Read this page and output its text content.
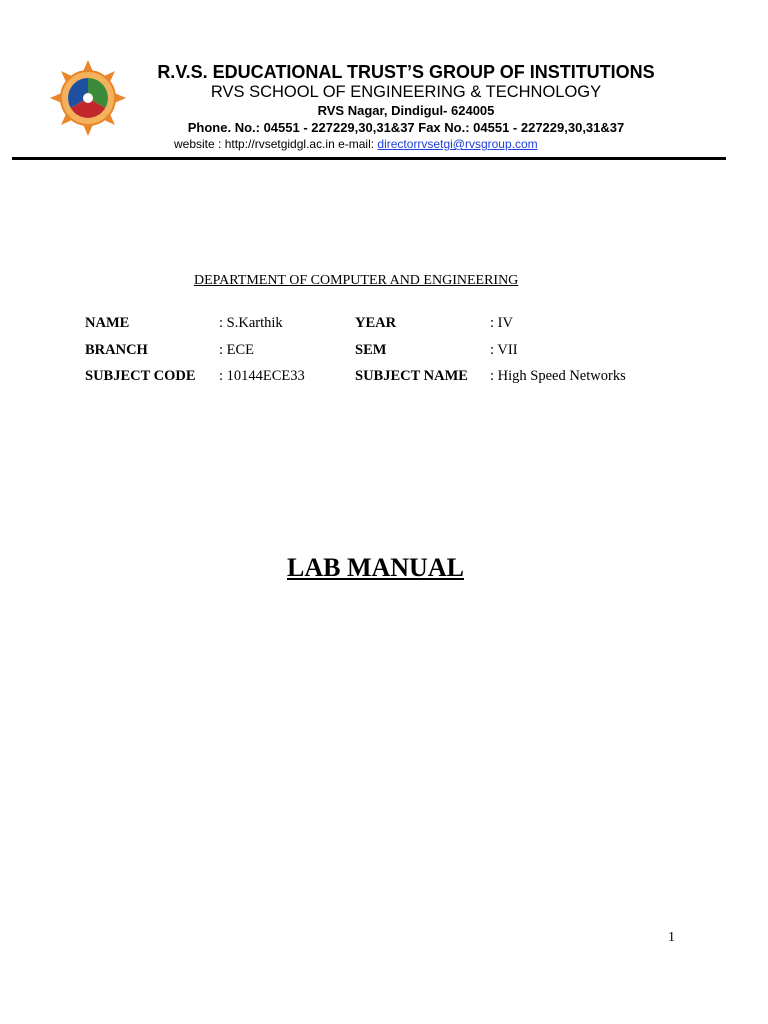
R.V.S. EDUCATIONAL TRUST’S GROUP OF INSTITUTIONS
RVS SCHOOL OF ENGINEERING & TECHNOLOGY
RVS Nagar, Dindigul- 624005
Phone. No.: 04551 - 227229,30,31&37 Fax No.: 04551 - 227229,30,31&37
website : http://rvsetgidgl.ac.in e-mail: directorrvsetgi@rvsgroup.com
DEPARTMENT OF COMPUTER AND ENGINEERING
NAME	: S.Karthik	YEAR	: IV
BRANCH	: ECE	SEM	: VII
SUBJECT CODE : 10144ECE33	SUBJECT NAME : High Speed Networks
LAB MANUAL
1
